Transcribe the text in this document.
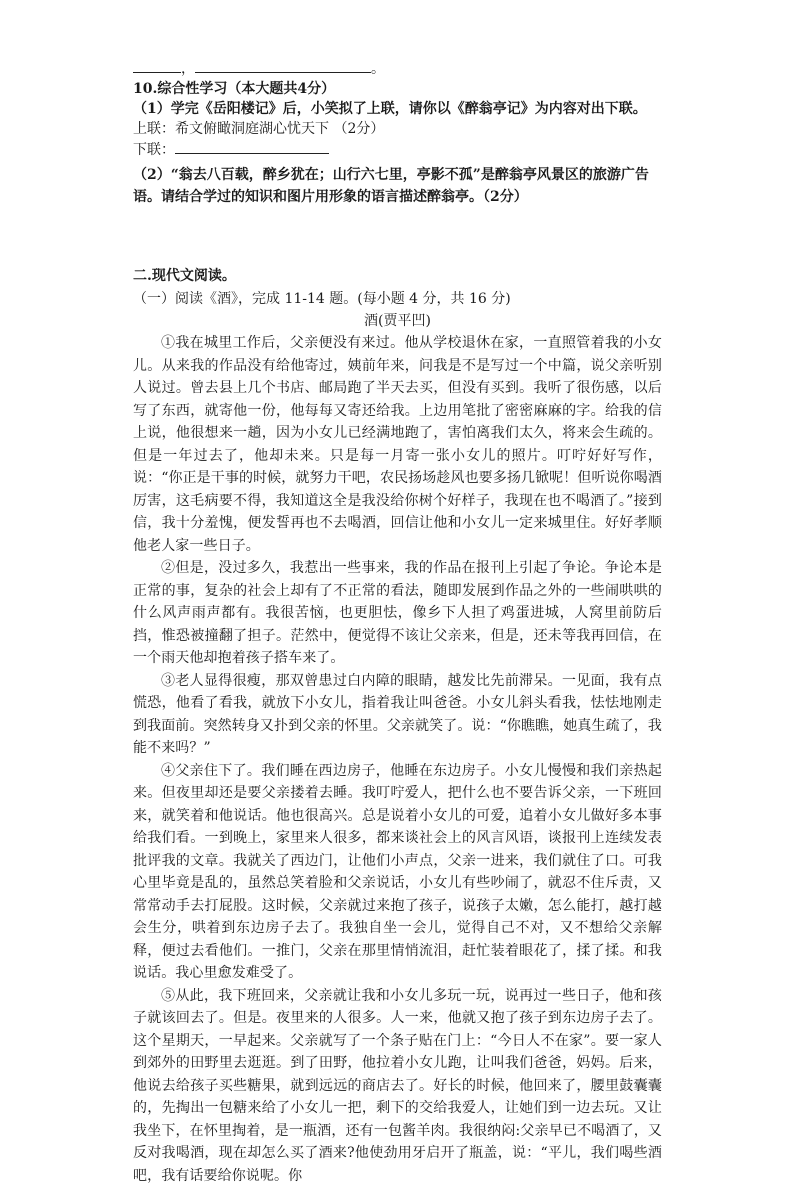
，	。
10.综合性学习（本大题共4分）
（1）学完《岳阳楼记》后，小笑拟了上联，请你以《醉翁亭记》为内容对出下联。
上联：希文俯瞰洞庭湖心忧天下 （2分）
下联：
（2）“翁去八百载，醉乡犹在；山行六七里，亭影不孤”是醉翁亭风景区的旅游广告语。请结合学过的知识和图片用形象的语言描述醉翁亭。（2分）
二.现代文阅读。
（一）阅读《酒》，完成 11-14 题。(每小题 4 分，共 16 分)
酒(贾平凹)
①我在城里工作后，父亲便没有来过。他从学校退休在家，一直照管着我的小女儿。从来我的作品没有给他寄过，姨前年来，问我是不是写过一个中篇，说父亲听别人说过。曾去县上几个书店、邮局跑了半天去买，但没有买到。我听了很伤感，以后写了东西，就寄他一份，他每每又寄还给我。上边用笔批了密密麻麻的字。给我的信上说，他很想来一趟，因为小女儿已经满地跑了，害怕离我们太久，将来会生疏的。但是一年过去了，他却未来。只是每一月寄一张小女儿的照片。叮咛好好写作，说：“你正是干事的时候，就努力干吧，农民扬场趁风也要多扬几锨呢！但听说你喝酒厉害，这毛病要不得，我知道这全是我没给你树个好样子，我现在也不喝酒了。”接到信，我十分羞愧，便发誓再也不去喝酒，回信让他和小女儿一定来城里住。好好孝顺他老人家一些日子。
②但是，没过多久，我惹出一些事来，我的作品在报刊上引起了争论。争论本是正常的事，复杂的社会上却有了不正常的看法，随即发展到作品之外的一些闹哄哄的什么风声雨声都有。我很苦恼，也更胆怯，像乡下人担了鸡蛋进城，人窝里前防后挡，惟恐被撞翻了担子。茫然中，便觉得不该让父亲来，但是，还未等我再回信，在一个雨天他却抱着孩子搭车来了。
③老人显得很瘦，那双曾患过白内障的眼睛，越发比先前滞呆。一见面，我有点慌恐，他看了看我，就放下小女儿，指着我让叫爸爸。小女儿斜头看我，怯怯地刚走到我面前。突然转身又扑到父亲的怀里。父亲就笑了。说：“你瞧瞧，她真生疏了，我能不来吗？”
④父亲住下了。我们睡在西边房子，他睡在东边房子。小女儿慢慢和我们亲热起来。但夜里却还是要父亲搂着去睡。我叮咛爱人，把什么也不要告诉父亲，一下班回来，就笑着和他说话。他也很高兴。总是说着小女儿的可爱，追着小女儿做好多本事给我们看。一到晚上，家里来人很多，都来谈社会上的风言风语，谈报刊上连续发表批评我的文章。我就关了西边门，让他们小声点，父亲一进来，我们就住了口。可我心里毕竟是乱的，虽然总笑着脸和父亲说话，小女儿有些吵闹了，就忍不住斥责，又常常动手去打屁股。这时候，父亲就过来抱了孩子，说孩子太嫩，怎么能打，越打越会生分，哄着到东边房子去了。我独自坐一会儿，觉得自己不对，又不想给父亲解释，便过去看他们。一推门，父亲在那里情悄流泪，赶忙装着眼花了，揉了揉。和我说话。我心里愈发难受了。
⑤从此，我下班回来，父亲就让我和小女儿多玩一玩，说再过一些日子，他和孩子就该回去了。但是。夜里来的人很多。人一来，他就又抱了孩子到东边房子去了。这个星期天，一早起来。父亲就写了一个条子贴在门上：“今日人不在家”。要一家人到郊外的田野里去逛逛。到了田野，他拉着小女儿跑，让叫我们爸爸，妈妈。后来，他说去给孩子买些糖果，就到远远的商店去了。好长的时候，他回来了，腰里鼓囊囊的，先掏出一包糖来给了小女儿一把，剩下的交给我爱人，让她们到一边去玩。又让我坐下，在怀里掏着，是一瓶酒，还有一包酱羊肉。我很纳闷:父亲早已不喝酒了，又反对我喝酒，现在却怎么买了酒来?他使劲用牙启开了瓶盖，说：“平儿，我们喝些酒吧，我有话要给你说呢。你
